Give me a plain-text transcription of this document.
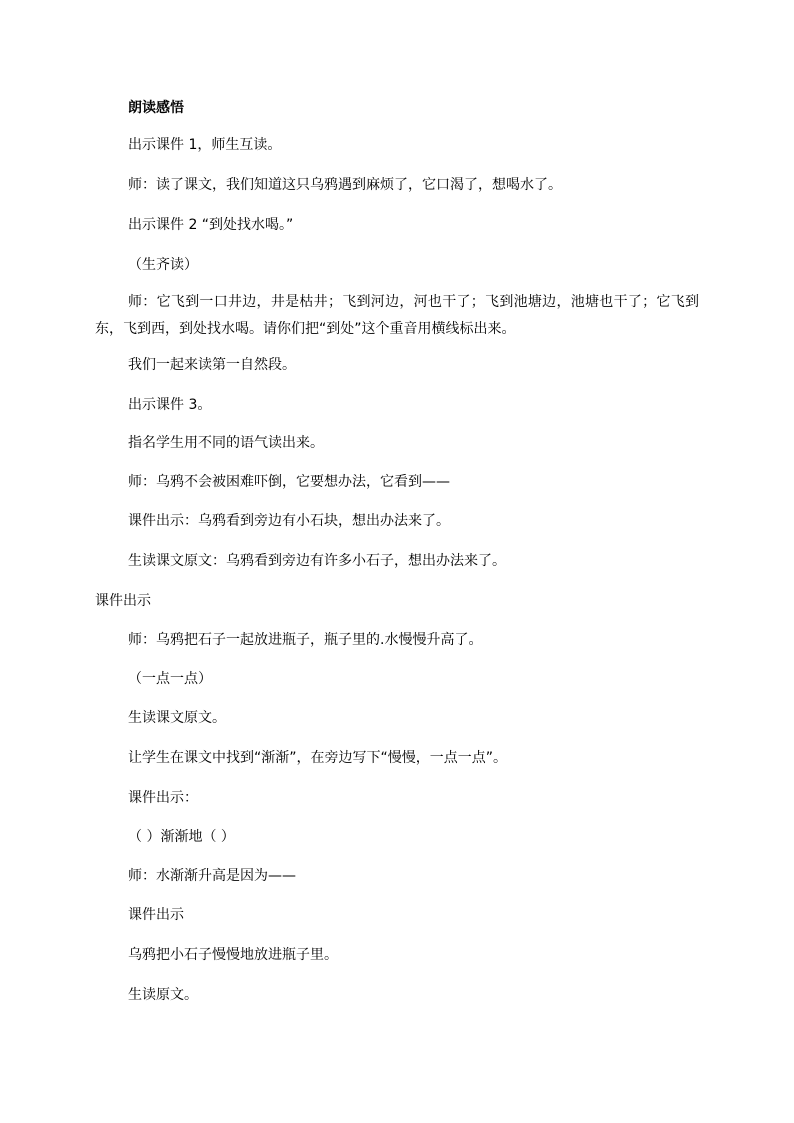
朗读感悟
出示课件 1，师生互读。
师：读了课文，我们知道这只乌鸦遇到麻烦了，它口渴了，想喝水了。
出示课件 2 “到处找水喝。”
（生齐读）
师：它飞到一口井边，井是枯井；飞到河边，河也干了；飞到池塘边，池塘也干了；它飞到东，飞到西，到处找水喝。请你们把“到处”这个重音用横线标出来。
我们一起来读第一自然段。
出示课件 3。
指名学生用不同的语气读出来。
师：乌鸦不会被困难吓倒，它要想办法，它看到——
课件出示：乌鸦看到旁边有小石块，想出办法来了。
生读课文原文：乌鸦看到旁边有许多小石子，想出办法来了。
课件出示
师：乌鸦把石子一起放进瓶子，瓶子里的.水慢慢升高了。
（一点一点）
生读课文原文。
让学生在课文中找到“渐渐”，在旁边写下“慢慢，一点一点”。
课件出示：
（ ）渐渐地（ ）
师：水渐渐升高是因为——
课件出示
乌鸦把小石子慢慢地放进瓶子里。
生读原文。
